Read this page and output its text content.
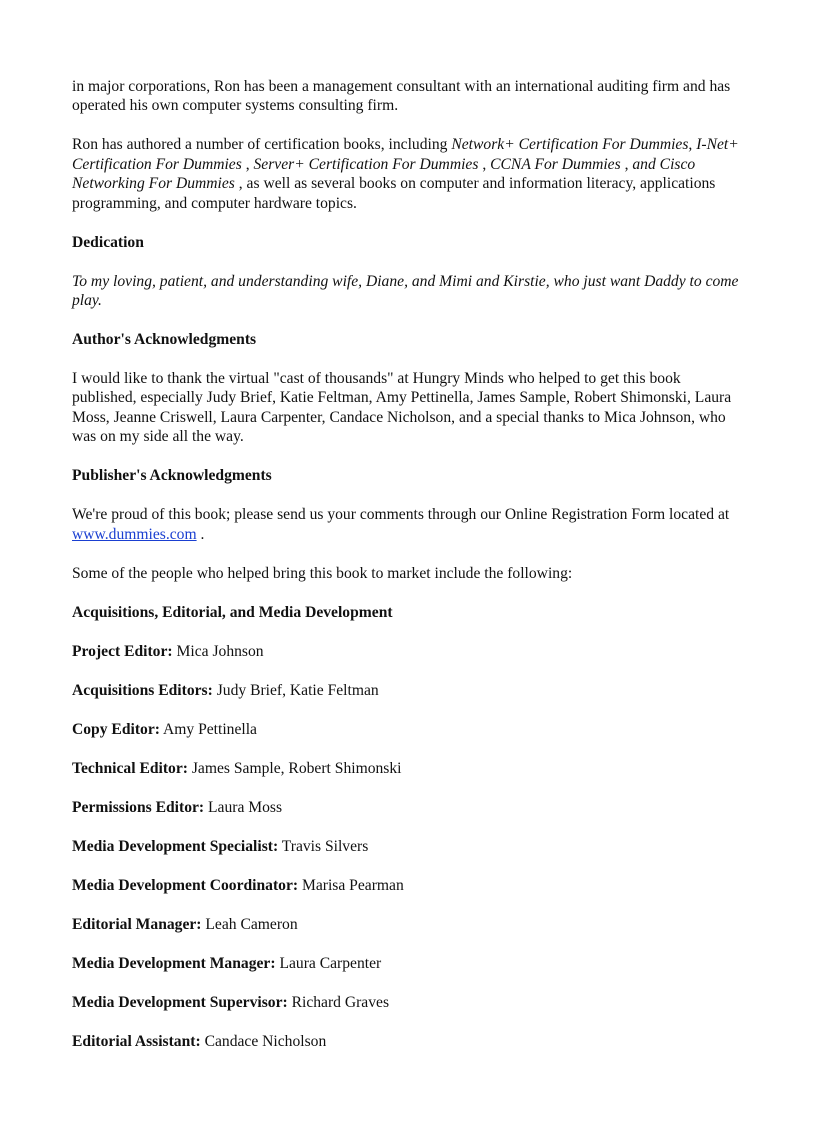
in major corporations, Ron has been a management consultant with an international auditing firm and has operated his own computer systems consulting firm.

Ron has authored a number of certification books, including Network+ Certification For Dummies, I-Net+ Certification For Dummies , Server+ Certification For Dummies , CCNA For Dummies , and Cisco Networking For Dummies , as well as several books on computer and information literacy, applications programming, and computer hardware topics.

Dedication

To my loving, patient, and understanding wife, Diane, and Mimi and Kirstie, who just want Daddy to come play.

Author's Acknowledgments

I would like to thank the virtual "cast of thousands" at Hungry Minds who helped to get this book published, especially Judy Brief, Katie Feltman, Amy Pettinella, James Sample, Robert Shimonski, Laura Moss, Jeanne Criswell, Laura Carpenter, Candace Nicholson, and a special thanks to Mica Johnson, who was on my side all the way.

Publisher's Acknowledgments

We're proud of this book; please send us your comments through our Online Registration Form located at www.dummies.com .

Some of the people who helped bring this book to market include the following:

Acquisitions, Editorial, and Media Development

Project Editor: Mica Johnson

Acquisitions Editors: Judy Brief, Katie Feltman

Copy Editor: Amy Pettinella

Technical Editor: James Sample, Robert Shimonski

Permissions Editor: Laura Moss

Media Development Specialist: Travis Silvers

Media Development Coordinator: Marisa Pearman

Editorial Manager: Leah Cameron

Media Development Manager: Laura Carpenter

Media Development Supervisor: Richard Graves

Editorial Assistant: Candace Nicholson
